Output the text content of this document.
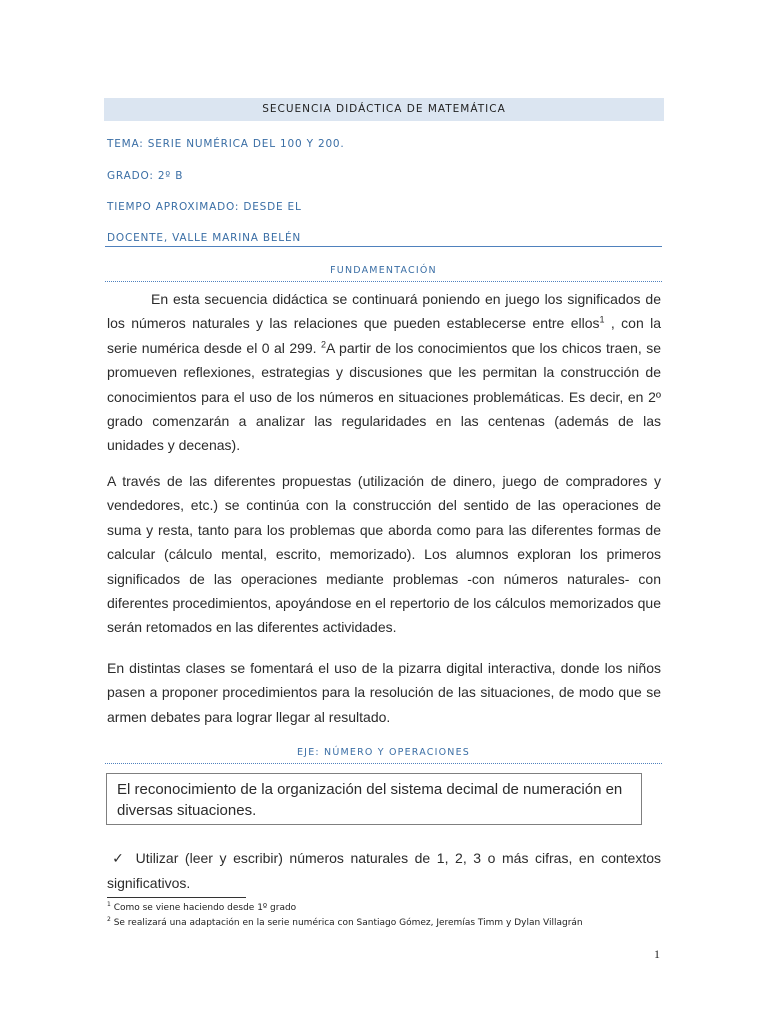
SECUENCIA DIDÁCTICA DE MATEMÁTICA
TEMA: SERIE NUMÉRICA DEL 100 Y 200.
GRADO: 2º B
TIEMPO APROXIMADO: DESDE EL
DOCENTE, VALLE MARINA BELÉN
FUNDAMENTACIÓN
En esta secuencia didáctica se continuará poniendo en juego los significados de los números naturales y las relaciones que pueden establecerse entre ellos$^1$ , con la serie numérica desde el 0 al 299. $^2$A partir de los conocimientos que los chicos traen, se promueven reflexiones, estrategias y discusiones que les permitan la construcción de conocimientos para el uso de los números en situaciones problemáticas. Es decir, en 2º grado comenzarán a analizar las regularidades en las centenas (además de las unidades y decenas).
A través de las diferentes propuestas (utilización de dinero, juego de compradores y vendedores, etc.) se continúa con la construcción del sentido de las operaciones de suma y resta, tanto para los problemas que aborda como para las diferentes formas de calcular (cálculo mental, escrito, memorizado). Los alumnos exploran los primeros significados de las operaciones mediante problemas -con números naturales- con diferentes procedimientos, apoyándose en el repertorio de los cálculos memorizados que serán retomados en las diferentes actividades.
En distintas clases se fomentará el uso de la pizarra digital interactiva, donde los niños pasen a proponer procedimientos para la resolución de las situaciones, de modo que se armen debates para lograr llegar al resultado.
EJE: NÚMERO Y OPERACIONES
El reconocimiento de la organización del sistema decimal de numeración en diversas situaciones.
✓ Utilizar (leer y escribir) números naturales de 1, 2, 3 o más cifras, en contextos significativos.
$^1$ Como se viene haciendo desde 1º grado
$^2$ Se realizará una adaptación en la serie numérica con Santiago Gómez, Jeremías Timm y Dylan Villagrán
1
